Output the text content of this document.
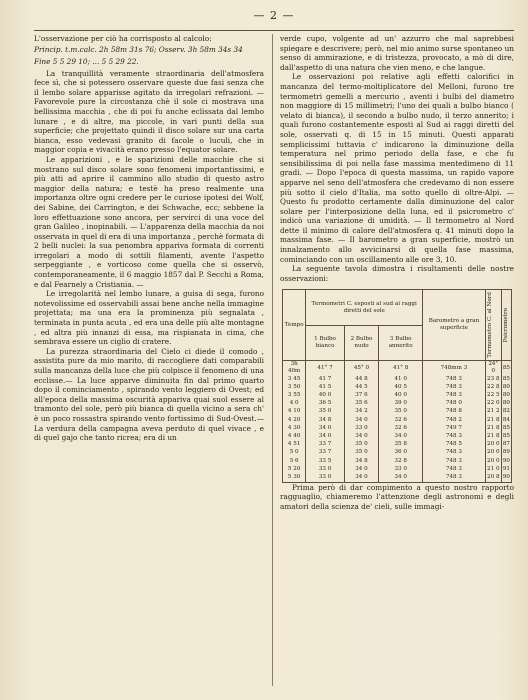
— 2 —

L'osservazione per ciò ha corrisposto al calcolo:

Princip. t.m.calc. 2h 58m 31s 76; Osserv. 3h 58m 34s 34
Fine 5 5 29 10; ... 5 5 29 22.

La tranquillità veramente straordinaria dell'atmosfera fece sì, che si potessero osservare queste due fasi senza che il lembo solare apparisse agitato da irregolari refrazioni. — Favorevole pure la circostanza chè il sole ci mostrava una bellissima macchia , che di poi fu anche eclissata dal lembo lunare , e di altre, ma piccole, in vari punti della sua superficie; che projettato quindi il disco solare sur una carta bianca, esso vedevasi granito di facole o luculi, che in maggior copia e vivacità erano presso l'equator solare.

Le apparizioni , e le sparizioni delle macchie che si mostrano sul disco solare sono fenomeni importantissimi, e più atti ad aprire il cammino allo studio di questo astro maggior della natura; e testè ha preso realmente una importanza oltre ogni credere per le curiose ipotesi dei Wolf, dei Sabine, dei Carrington, e dei Schwache, ecc; sebbene la loro effettuazione sono ancora, per servirci di una voce del gran Galileo , inopinabili. — L'apparenza della macchia da noi osservata in quel di era di una importanza , perchè formata di 2 belli nuclei: la sua penombra appariva formata di correnti irregolari a modo di sottili filamenti, avente l'aspetto serpeggiante , e vorticoso come quella che si osservò, contemporaneamente, il 6 maggio 1857 dal P. Secchi a Roma, e dal Fearnely a Cristiania. —

Le irregolarità nel lembo lunare, a guisa di sega, furono notevolissime ed osservabili assai bene anche nella immagine projettata; ma una era la prominenza più segnalata , terminata in punta acuta , ed era una delle più alte montagne , ed altra più innanzi di essa, ma rispianata in cima, che sembrava essere un ciglio di cratere.

La purezza straordinaria del Cielo ci diede il comodo , assistita pure da mio marito, di raccogliere dati comparabili sulla mancanza della luce che più colpisce il fenomeno di una ecclisse.— La luce apparve diminuita fin dal primo quarto dopo il cominciamento , spirando vento leggiero di Ovest; ed all'epoca della massima oscurità appariva quai suol essere al tramonto del sole, però più bianca di quella vicino a sera ch' è un poco rossastra spirando vento fortissimo di Sud-Ovest.— La verdura della campagna aveva perduto di quel vivace , e di quel gajo che tanto ricrea; era di un

verde cupo, volgente ad un' azzurro che mal saprebbesi spiegare e descrivere; però, nel mio animo surse spontaneo un senso di ammirazione, e di tristezza, provocato, a mò di dire, dall'aspetto di una natura che vien meno, e che langue.

Le osservazioni poi relative agli effetti calorifici in mancanza del termo-moltiplicatore del Melloni, furono tre termometri gemelli a mercurio , aventi i bulbi del diametro non maggiore di 15 millimetri; l'uno dei quali a bulbo bianco ( velato di bianca), il secondo a bulbo nudo, il terzo annerito; i quali furono costantemente esposti al Sud ai raggi diretti del sole, osservati q. di 15 in 15 minuti. Questi apparati semplicissimi tuttavia c' indicarono la diminuzione della temperatura nel primo periodo della fase, e che fu sensibilissima di poi nella fase massima mentedimeno di 11 gradi. — Dopo l'epoca di questa massima, un rapido vapore apparve nel seno dell'atmosfera che credevamo di non essere più sotto il cielo d'Italia, ma sotto quello di oltre-Alpi. — Questo fu prodotto certamente dalla diminuzione del calor solare per l'interposizione della luna, ed il psicrometro c' indicò una variazione di umidità. — Il termometro al Nord dette il minimo di calore dell'atmosfera q. 41 minuti dopo la massima fase. — Il barometro a gran superficie, mostrò un innalzamento allo avvicinarsi di quella fase massima, cominciando con un oscillamento alle ore 3, 10.

La seguente tavola dimostra i risultamenti delle nostre osservazioni:

Tempo	Termometri C. esposti al sud ai raggi diretti del sole			Barometro a gran superficie	Termometro C. al Nord	Psicrometro

	1 Bulbo bianco	2 Bulbo nudo	3 Bulbo annerito			
3h 40m	41° 7	45° 0	41° 8	748mm 3	24° 0	85
3 45	41 7	44 8	41 0	748 3	23 8	85
3 50	41 5	44 5	40 5	748 3	22 8	80
3 55	40 0	37 6	40 0	748 3	22 5	80
4 0	36 5	35 6	39 0	748 0	22 0	80
4 10	35 0	34 2	35 0	748 8	21 2	82
4 20	34 8	34 0	32 6	748 2	21 8	84
4 30	34 0	33 0	32 6	749 7	21 8	85
4 40	34 0	34 0	34 0	748 3	21 8	85
4 51	33 7	35 0	35 8	748 5	20 0	87
5 0	33 7	35 0	36 0	748 3	20 0	89
5 6	33 5	34 8	32 8	748 3	20 0	90
5 20	33 0	34 0	33 0	748 3	21 0	91
5 30	33 0	34 0	34 0	748 3	20 8	90

Prima però di dar compimento a questo nostro rapporto ragguaglio, chiameremo l'attenzione degli astronomi e degli amatori della scienza de' cieli, sulle immagi-
